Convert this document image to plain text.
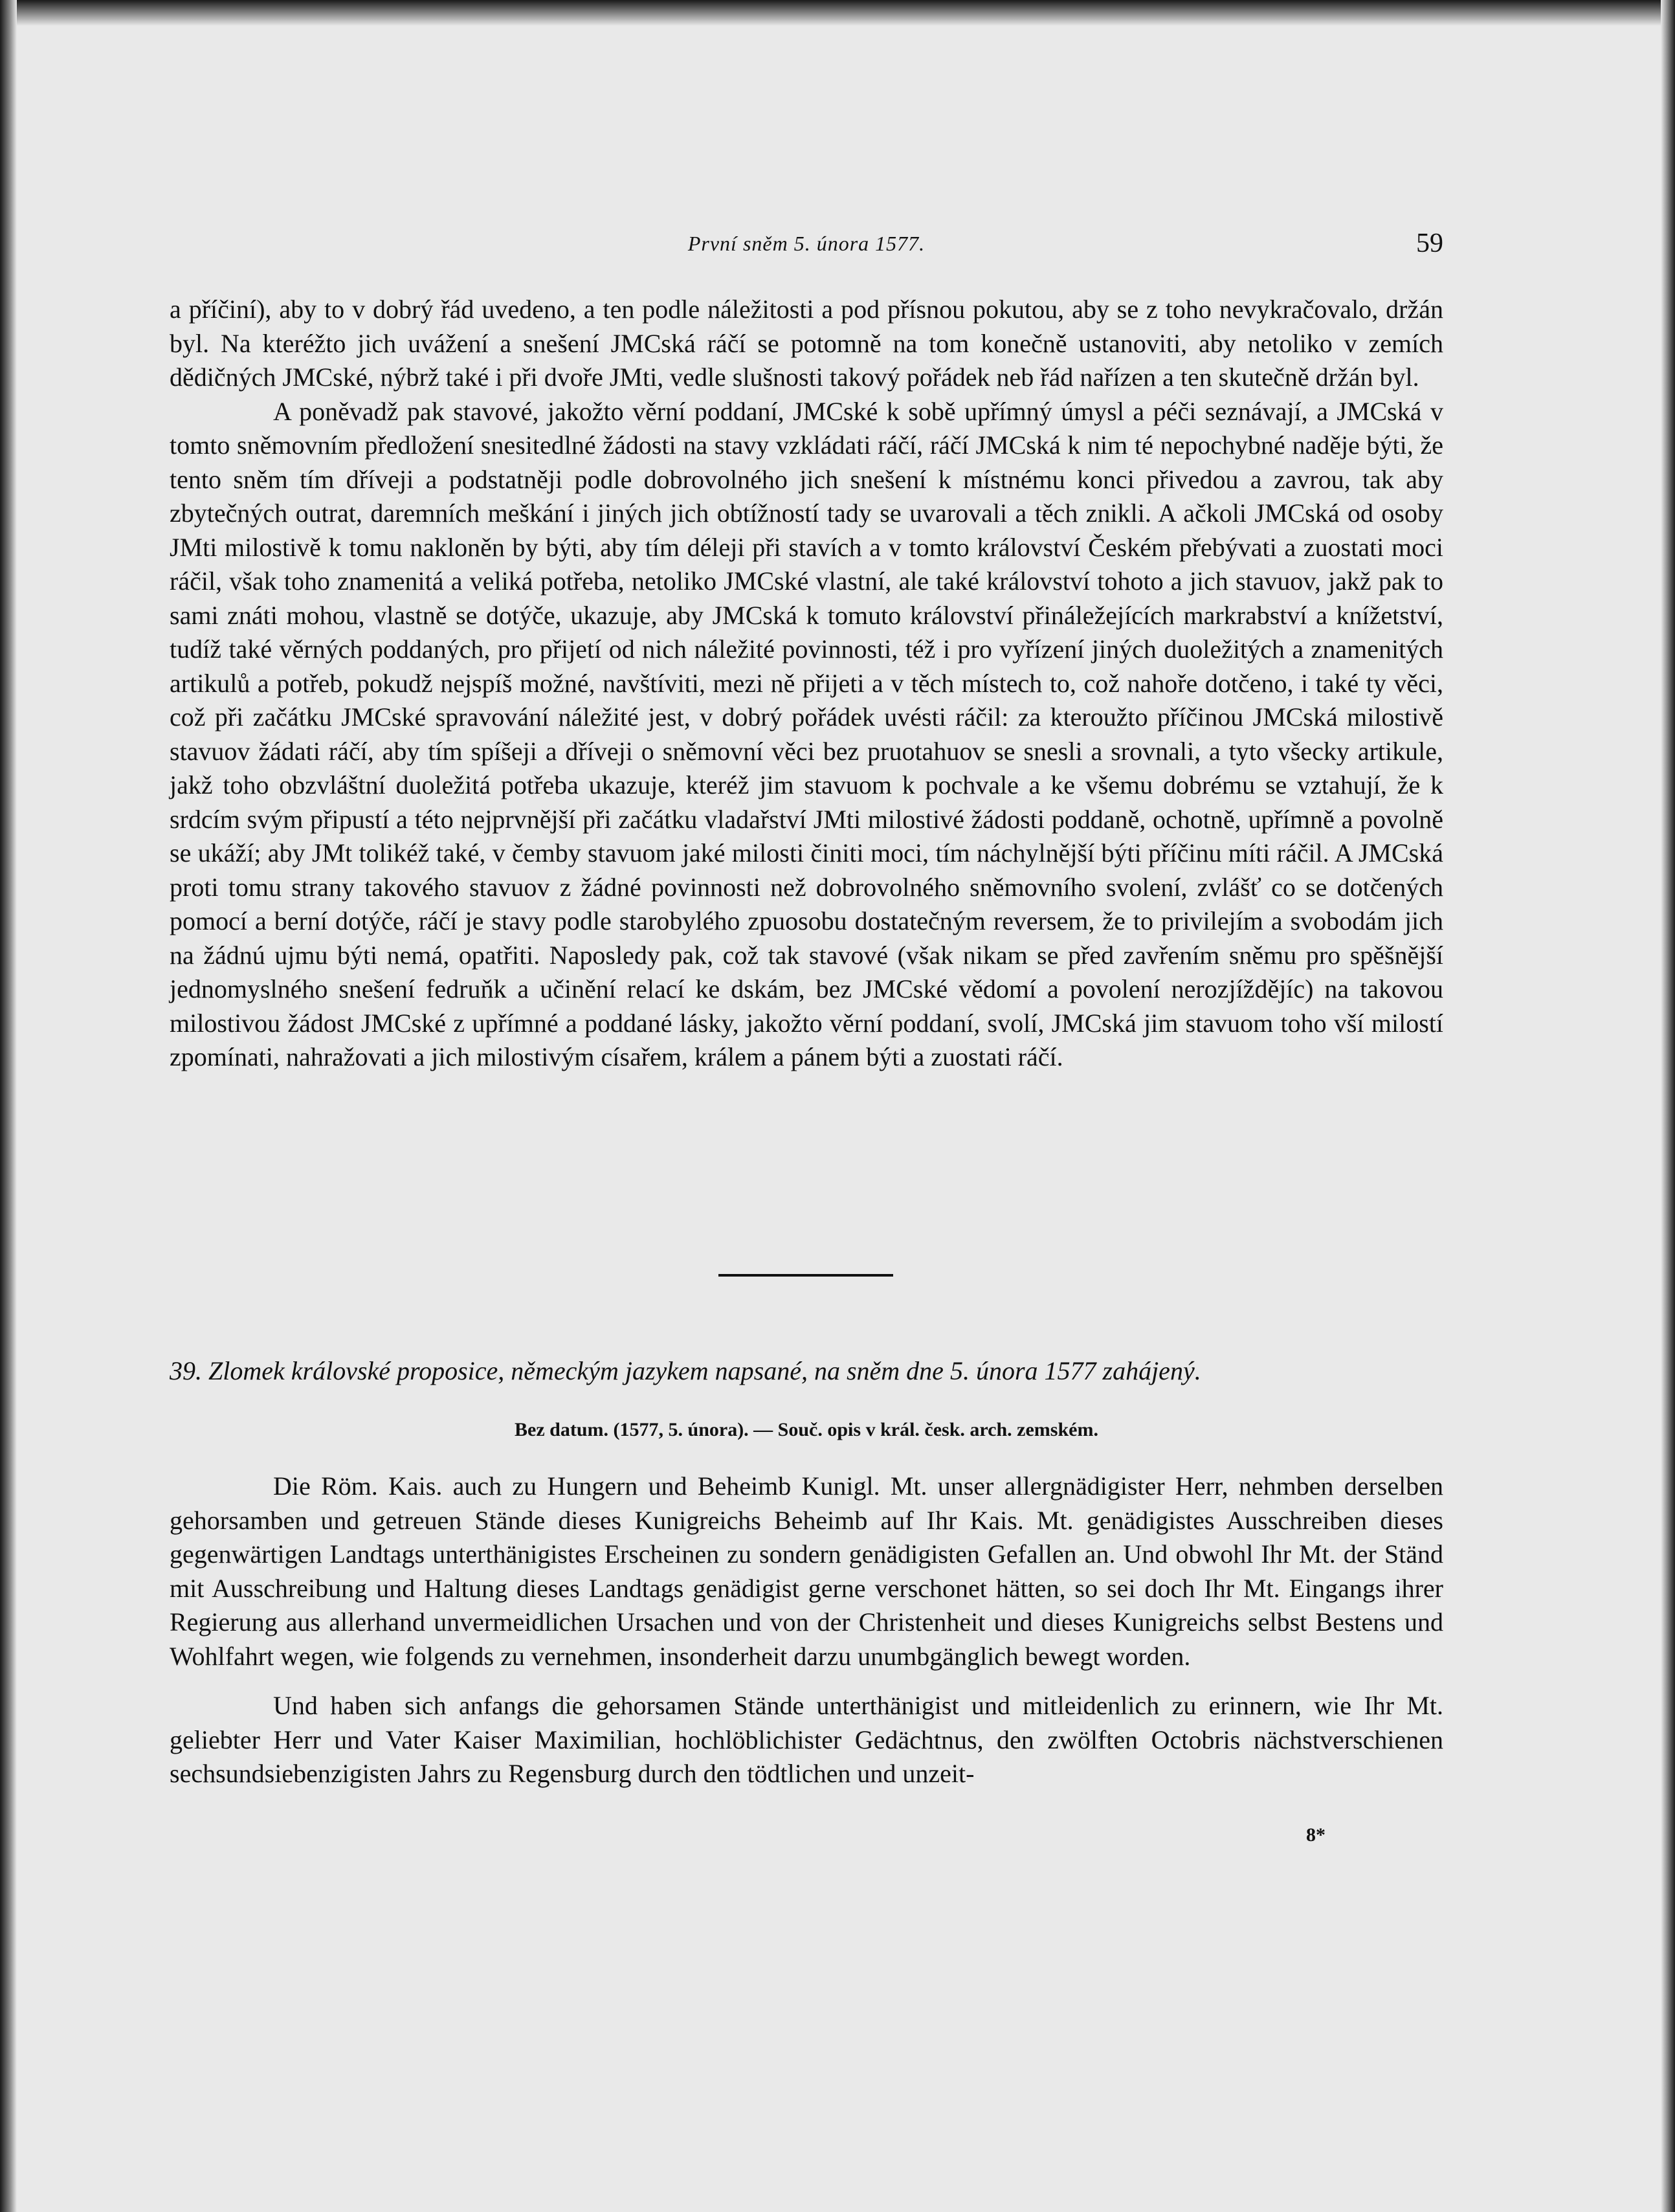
První sněm 5. února 1577.	59

a příčiní), aby to v dobrý řád uvedeno, a ten podle náležitosti a pod přísnou pokutou, aby se z toho nevykračovalo, držán byl. Na kteréžto jich uvážení a snešení JMCská ráčí se potomně na tom konečně ustanoviti, aby netoliko v zemích dědičných JMCské, nýbrž také i při dvoře JMti, vedle slušnosti takový pořádek neb řád nařízen a ten skutečně držán byl.

A poněvadž pak stavové, jakožto věrní poddaní, JMCské k sobě upřímný úmysl a péči seznávají, a JMCská v tomto sněmovním předložení snesitedlné žádosti na stavy vzkládati ráčí, ráčí JMCská k nim té nepochybné naděje býti, že tento sněm tím dříveji a podstatněji podle dobrovolného jich snešení k místnému konci přivedou a zavrou, tak aby zbytečných outrat, daremních meškání i jiných jich obtížností tady se uvarovali a těch znikli. A ačkoli JMCská od osoby JMti milostivě k tomu nakloněn by býti, aby tím déleji při stavích a v tomto království Českém přebývati a zuostati moci ráčil, však toho znamenitá a veliká potřeba, netoliko JMCské vlastní, ale také království tohoto a jich stavuov, jakž pak to sami znáti mohou, vlastně se dotýče, ukazuje, aby JMCská k tomuto království přináležejících markrabství a knížetství, tudíž také věrných poddaných, pro přijetí od nich náležité povinnosti, též i pro vyřízení jiných duoležitých a znamenitých artikulů a potřeb, pokudž nejspíš možné, navštíviti, mezi ně přijeti a v těch místech to, což nahoře dotčeno, i také ty věci, což při začátku JMCské spravování náležité jest, v dobrý pořádek uvésti ráčil: za kteroužto příčinou JMCská milostivě stavuov žádati ráčí, aby tím spíšeji a dříveji o sněmovní věci bez pruotahuov se snesli a srovnali, a tyto všecky artikule, jakž toho obzvláštní duoležitá potřeba ukazuje, kteréž jim stavuom k pochvale a ke všemu dobrému se vztahují, že k srdcím svým připustí a této nejprvnější při začátku vladařství JMti milostivé žádosti poddaně, ochotně, upřímně a povolně se ukáží; aby JMt tolikéž také, v čemby stavuom jaké milosti činiti moci, tím náchylnější býti příčinu míti ráčil. A JMCská proti tomu strany takového stavuov z žádné povinnosti než dobrovolného sněmovního svolení, zvlášť co se dotčených pomocí a berní dotýče, ráčí je stavy podle starobylého zpuosobu dostatečným reversem, že to privilejím a svobodám jich na žádnú ujmu býti nemá, opatřiti. Naposledy pak, což tak stavové (však nikam se před zavřením sněmu pro spěšnější jednomyslného snešení fedruňk a učinění relací ke dskám, bez JMCské vědomí a povolení nerozjíždějíc) na takovou milostivou žádost JMCské z upřímné a poddané lásky, jakožto věrní poddaní, svolí, JMCská jim stavuom toho vší milostí zpomínati, nahražovati a jich milostivým císařem, králem a pánem býti a zuostati ráčí.

39. Zlomek královské proposice, německým jazykem napsané, na sněm dne 5. února 1577 zahájený.
Bez datum. (1577, 5. února). — Souč. opis v král. česk. arch. zemském.

Die Röm. Kais. auch zu Hungern und Beheimb Kunigl. Mt. unser allergnädigister Herr, nehmben derselben gehorsamben und getreuen Stände dieses Kunigreichs Beheimb auf Ihr Kais. Mt. genädigistes Ausschreiben dieses gegenwärtigen Landtags unterthänigistes Erscheinen zu sondern genädigisten Gefallen an. Und obwohl Ihr Mt. der Ständ mit Ausschreibung und Haltung dieses Landtags genädigist gerne verschonet hätten, so sei doch Ihr Mt. Eingangs ihrer Regierung aus allerhand unvermeidlichen Ursachen und von der Christenheit und dieses Kunigreichs selbst Bestens und Wohlfahrt wegen, wie folgends zu vernehmen, insonderheit darzu unumbgänglich bewegt worden.

Und haben sich anfangs die gehorsamen Stände unterthänigist und mitleidenlich zu erinnern, wie Ihr Mt. geliebter Herr und Vater Kaiser Maximilian, hochlöblichister Gedächtnus, den zwölften Octobris nächstverschienen sechsundsiebenzigisten Jahrs zu Regensburg durch den tödtlichen und unzeit-

8*
